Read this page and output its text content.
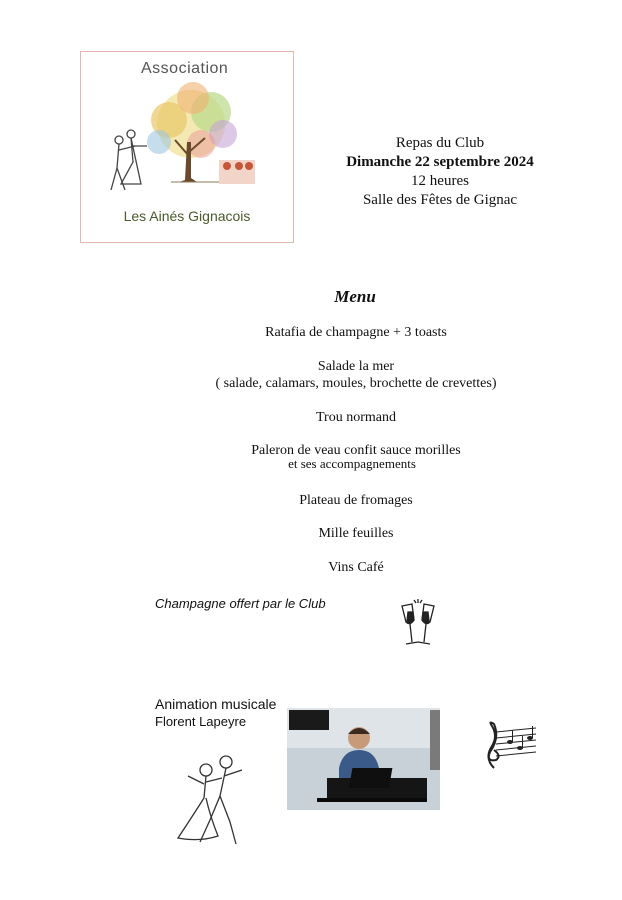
Association
Les Ainés Gignacois
Repas du Club
Dimanche 22 septembre 2024
12 heures
Salle des Fêtes de Gignac
Menu
Ratafia de champagne + 3 toasts
Salade la mer
( salade, calamars, moules, brochette de crevettes)
Trou normand
Paleron de veau confit sauce morilles
et ses accompagnements
Plateau de fromages
Mille feuilles
Vins Café
Champagne offert par le Club
Animation musicale
Florent Lapeyre
